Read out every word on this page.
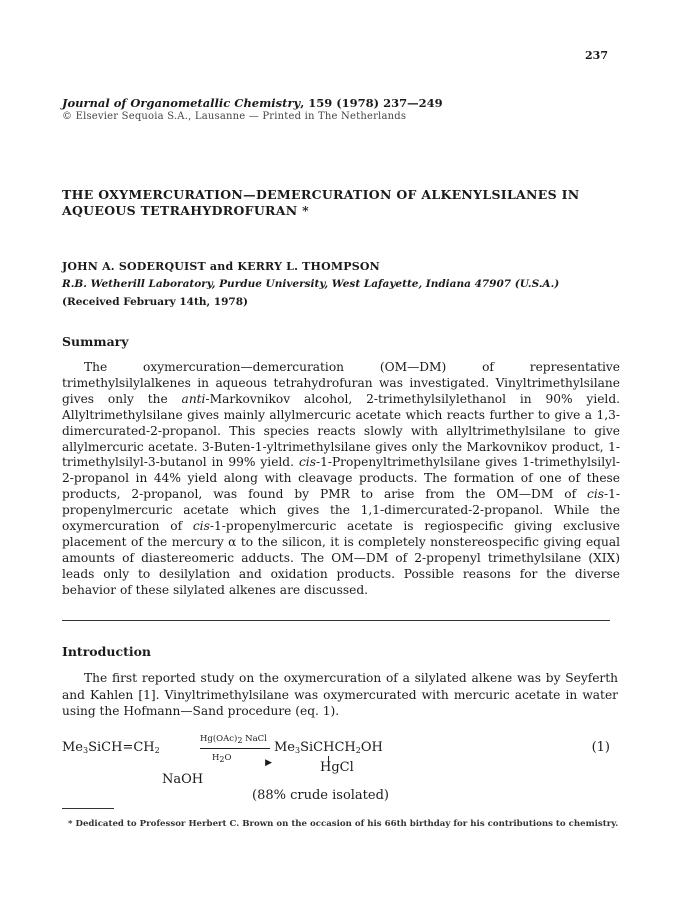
237
Journal of Organometallic Chemistry, 159 (1978) 237—249
© Elsevier Sequoia S.A., Lausanne — Printed in The Netherlands
THE OXYMERCURATION—DEMERCURATION OF ALKENYLSILANES IN AQUEOUS TETRAHYDROFURAN *
JOHN A. SODERQUIST and KERRY L. THOMPSON
R.B. Wetherill Laboratory, Purdue University, West Lafayette, Indiana 47907 (U.S.A.)
(Received February 14th, 1978)
Summary

The oxymercuration—demercuration (OM—DM) of representative trimethylsilylalkenes in aqueous tetrahydrofuran was investigated. Vinyltrimethylsilane gives only the anti-Markovnikov alcohol, 2-trimethylsilylethanol in 90% yield. Allyltrimethylsilane gives mainly allylmercuric acetate which reacts further to give a 1,3-dimercurated-2-propanol. This species reacts slowly with allyltrimethylsilane to give allylmercuric acetate. 3-Buten-1-yltrimethylsilane gives only the Markovnikov product, 1-trimethylsilyl-3-butanol in 99% yield. cis-1-Propenyltrimethylsilane gives 1-trimethylsilyl-2-propanol in 44% yield along with cleavage products. The formation of one of these products, 2-propanol, was found by PMR to arise from the OM—DM of cis-1-propenylmercuric acetate which gives the 1,1-dimercurated-2-propanol. While the oxymercuration of cis-1-propenylmercuric acetate is regiospecific giving exclusive placement of the mercury α to the silicon, it is completely nonstereospecific giving equal amounts of diastereomeric adducts. The OM—DM of 2-propenyl trimethylsilane (XIX) leads only to desilylation and oxidation products. Possible reasons for the diverse behavior of these silylated alkenes are discussed.

Introduction

The first reported study on the oxymercuration of a silylated alkene was by Seyferth and Kahlen [1]. Vinyltrimethylsilane was oxymercurated with mercuric acetate in water using the Hofmann—Sand procedure (eq. 1).

$Me_3SiCH=CH_2$
$Hg(OAc)_2$ NaCl
▶
$H_2O$
$Me_3SiCHCH_2OH$
HgCl
NaOH
(88% crude isolated)
(1)
* Dedicated to Professor Herbert C. Brown on the occasion of his 66th birthday for his contributions to chemistry.
